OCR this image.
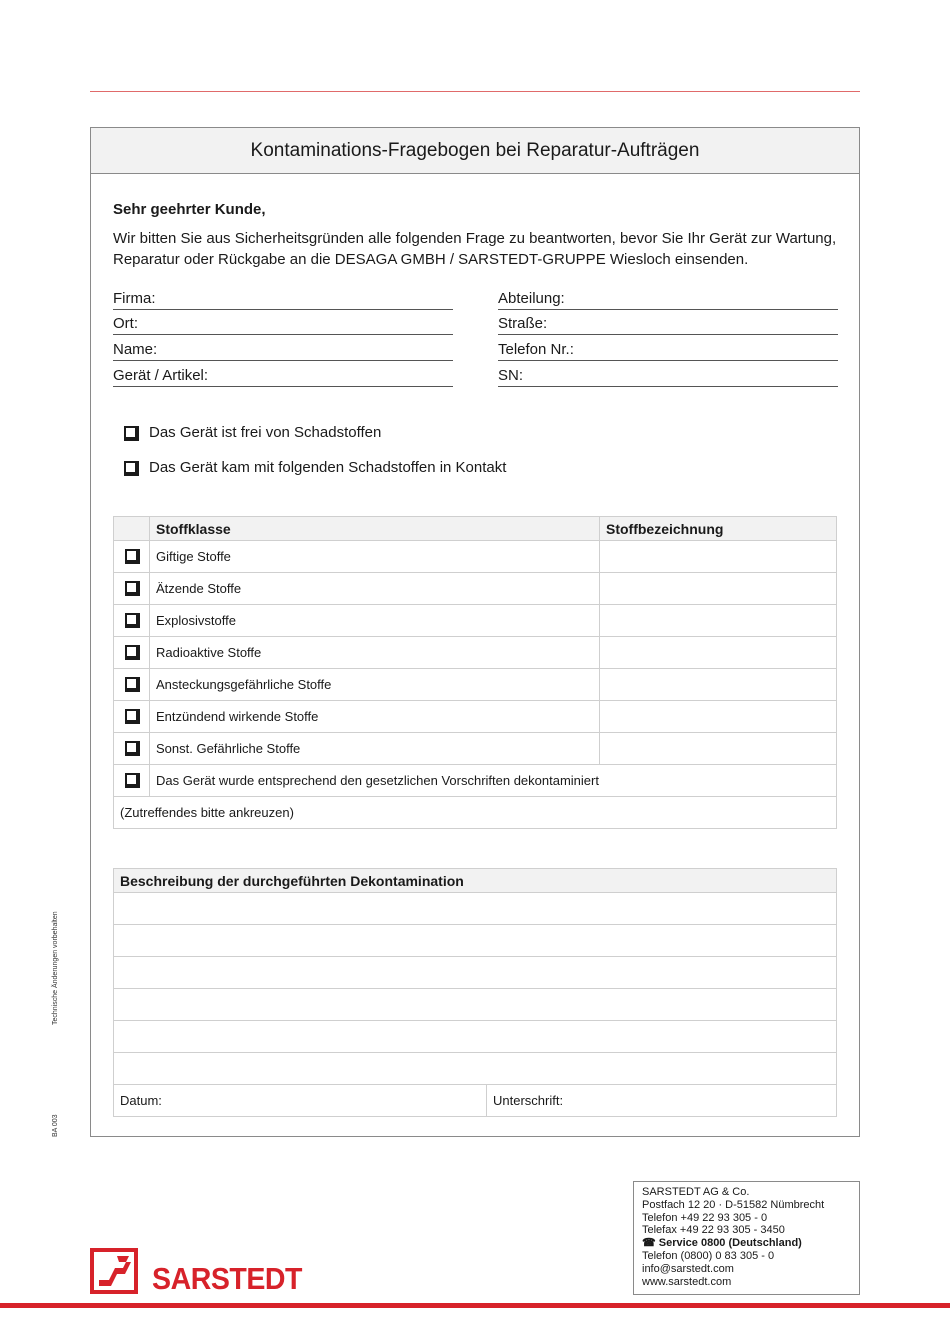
Kontaminations-Fragebogen bei Reparatur-Aufträgen
Sehr geehrter Kunde,
Wir bitten Sie aus Sicherheitsgründen alle folgenden Frage zu beantworten, bevor Sie Ihr Gerät zur Wartung, Reparatur oder Rückgabe an die DESAGA GMBH / SARSTEDT-GRUPPE Wiesloch einsenden.
Firma:	Abteilung:
Ort:	Straße:
Name:	Telefon Nr.:
Gerät / Artikel:	SN:
Das Gerät ist frei von Schadstoffen
Das Gerät kam mit folgenden Schadstoffen in Kontakt
	Stoffklasse	Stoffbezeichnung
	Giftige Stoffe	
	Ätzende Stoffe	
	Explosivstoffe	
	Radioaktive Stoffe	
	Ansteckungsgefährliche Stoffe	
	Entzündend wirkende Stoffe	
	Sonst. Gefährliche Stoffe	
	Das Gerät wurde entsprechend den gesetzlichen Vorschriften dekontaminiert	
(Zutreffendes bitte ankreuzen)		
Beschreibung der durchgeführten Dekontamination

Datum:	Unterschrift:
Technische Änderungen vorbehalten
BA 003
SARSTEDT AG & Co.
Postfach 12 20 · D-51582 Nümbrecht
Telefon +49 22 93 305 - 0
Telefax +49 22 93 305 - 3450
☎ Service 0800 (Deutschland)
Telefon (0800) 0 83 305 - 0
info@sarstedt.com
www.sarstedt.com
SARSTEDT
